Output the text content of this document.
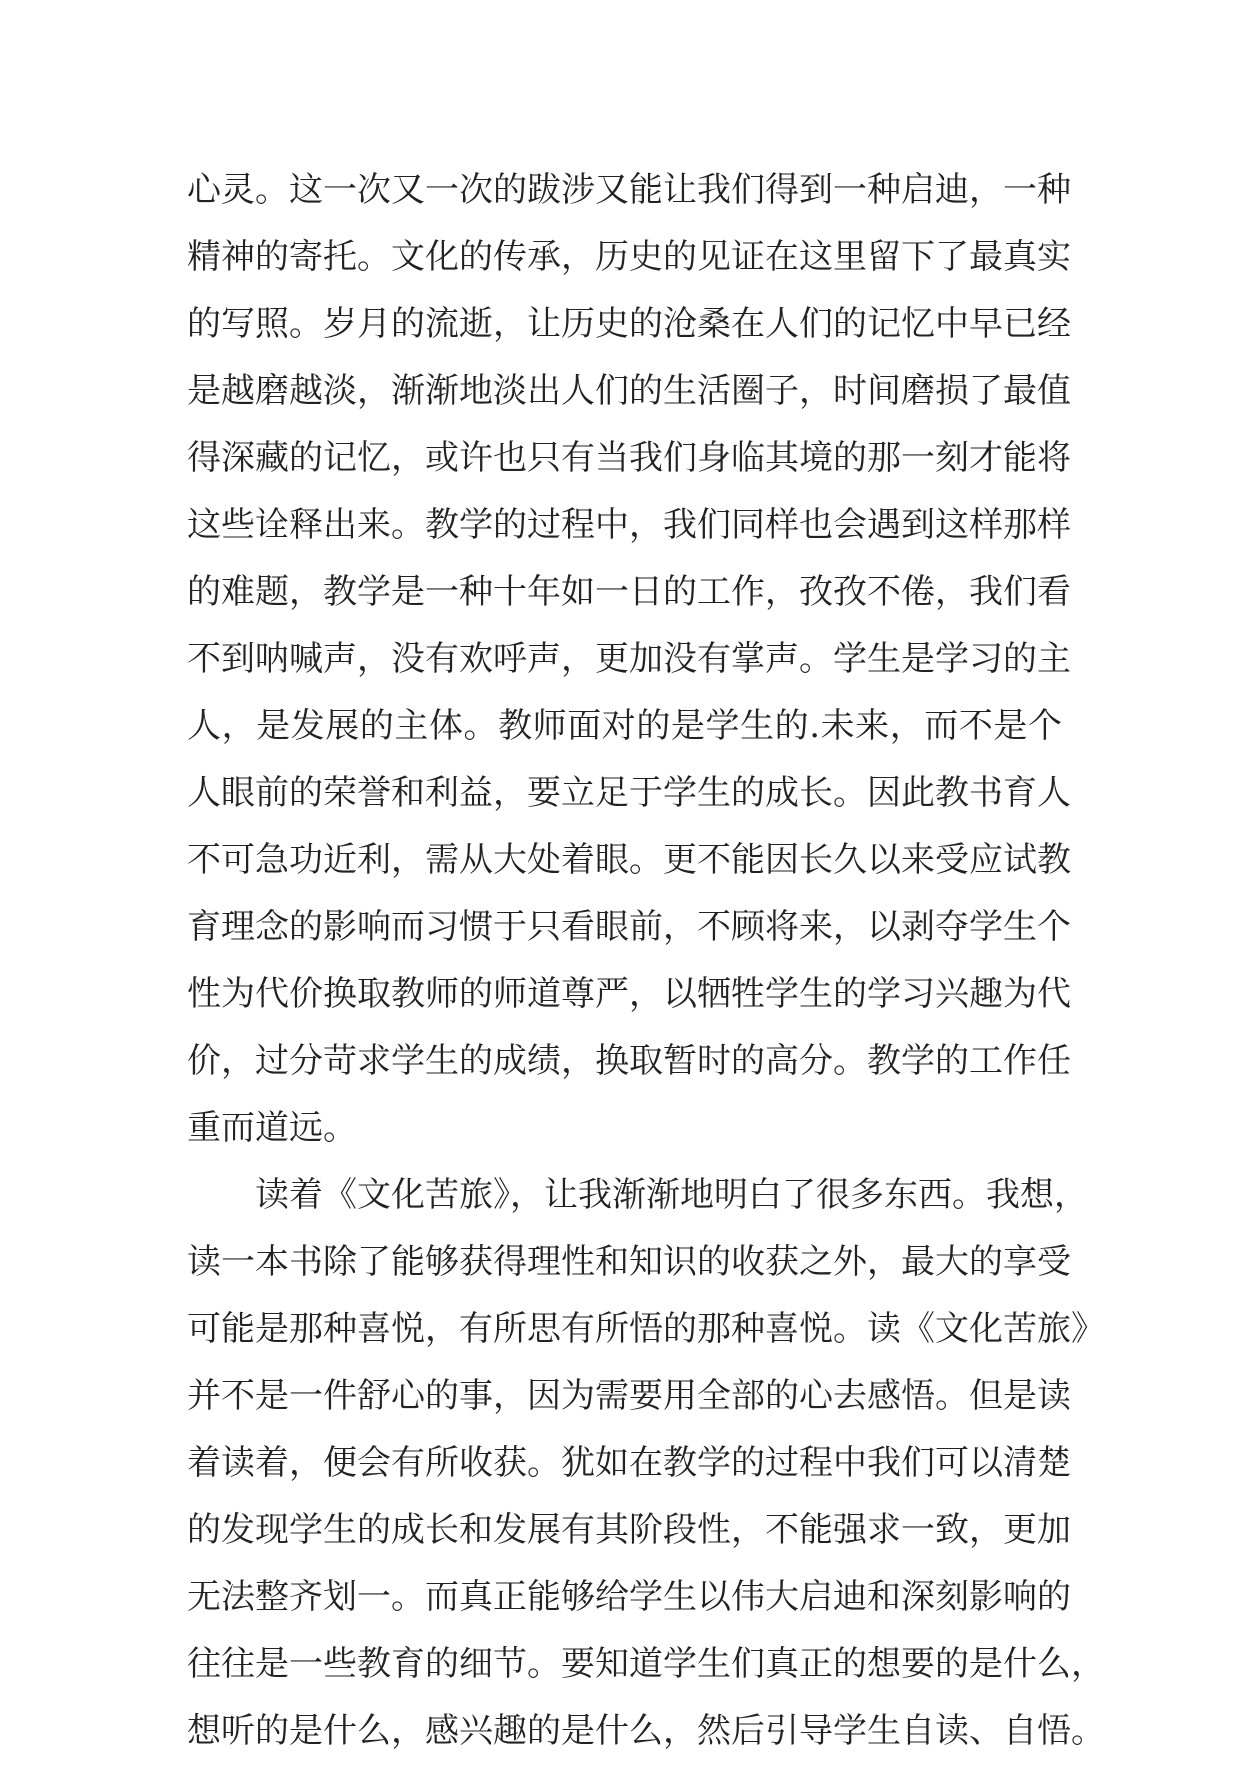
心灵。这一次又一次的跋涉又能让我们得到一种启迪，一种
精神的寄托。文化的传承，历史的见证在这里留下了最真实
的写照。岁月的流逝，让历史的沧桑在人们的记忆中早已经
是越磨越淡，渐渐地淡出人们的生活圈子，时间磨损了最值
得深藏的记忆，或许也只有当我们身临其境的那一刻才能将
这些诠释出来。教学的过程中，我们同样也会遇到这样那样
的难题，教学是一种十年如一日的工作，孜孜不倦，我们看
不到呐喊声，没有欢呼声，更加没有掌声。学生是学习的主
人，是发展的主体。教师面对的是学生的.未来，而不是个
人眼前的荣誉和利益，要立足于学生的成长。因此教书育人
不可急功近利，需从大处着眼。更不能因长久以来受应试教
育理念的影响而习惯于只看眼前，不顾将来，以剥夺学生个
性为代价换取教师的师道尊严，以牺牲学生的学习兴趣为代
价，过分苛求学生的成绩，换取暂时的高分。教学的工作任
重而道远。
读着《文化苦旅》，让我渐渐地明白了很多东西。我想，
读一本书除了能够获得理性和知识的收获之外，最大的享受
可能是那种喜悦，有所思有所悟的那种喜悦。读《文化苦旅》
并不是一件舒心的事，因为需要用全部的心去感悟。但是读
着读着，便会有所收获。犹如在教学的过程中我们可以清楚
的发现学生的成长和发展有其阶段性，不能强求一致，更加
无法整齐划一。而真正能够给学生以伟大启迪和深刻影响的
往往是一些教育的细节。要知道学生们真正的想要的是什么，
想听的是什么，感兴趣的是什么，然后引导学生自读、自悟。
